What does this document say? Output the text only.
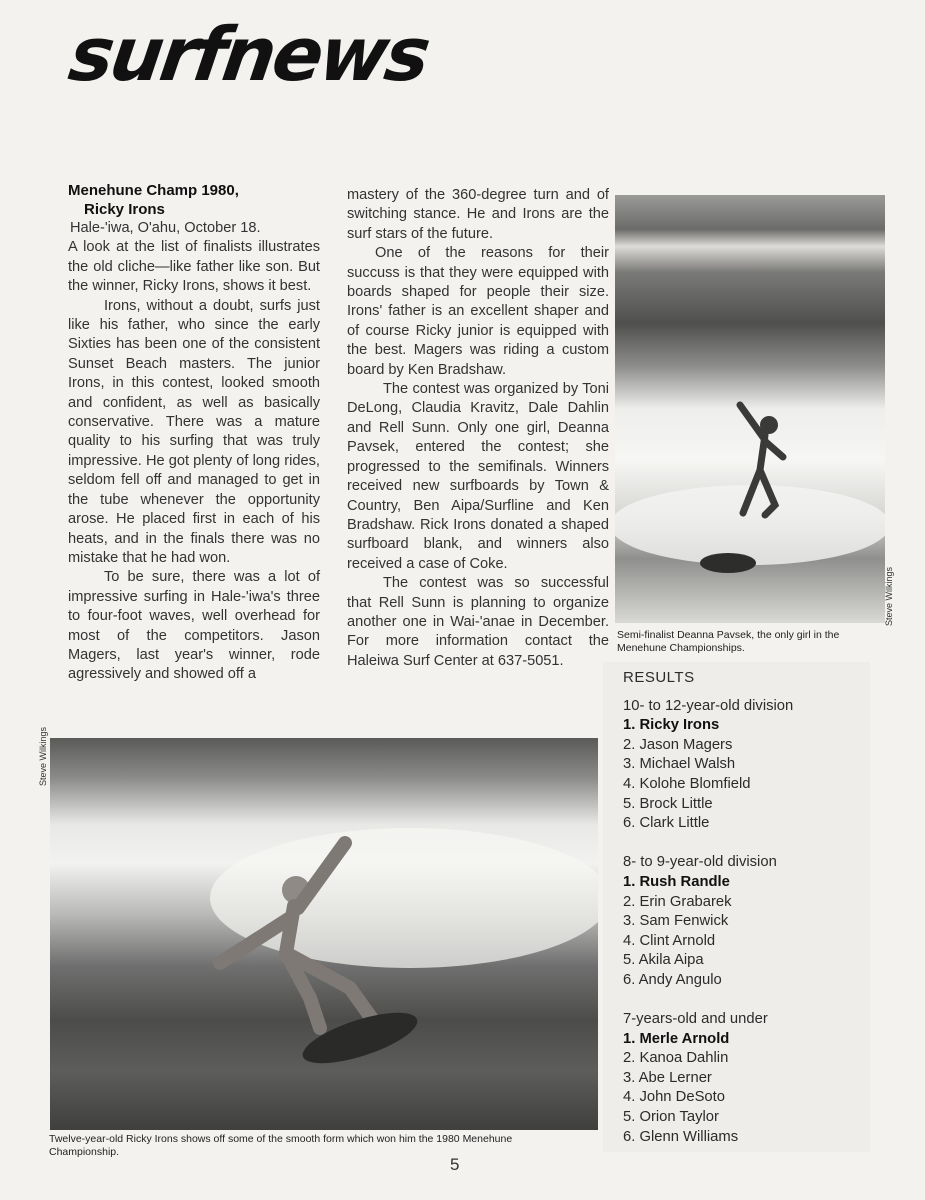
surfnews
Menehune Champ 1980,
Ricky Irons

Hale-'iwa, O'ahu, October 18.

A look at the list of finalists illustrates the old cliche—like father like son. But the winner, Ricky Irons, shows it best.

Irons, without a doubt, surfs just like his father, who since the early Sixties has been one of the consistent Sunset Beach masters. The junior Irons, in this contest, looked smooth and confident, as well as basically conservative. There was a mature quality to his surfing that was truly impressive. He got plenty of long rides, seldom fell off and managed to get in the tube whenever the opportunity arose. He placed first in each of his heats, and in the finals there was no mistake that he had won.

To be sure, there was a lot of impressive surfing in Hale-'iwa's three to four-foot waves, well overhead for most of the competitors. Jason Magers, last year's winner, rode agressively and showed off a

mastery of the 360-degree turn and of switching stance. He and Irons are the surf stars of the future.

One of the reasons for their succuss is that they were equipped with boards shaped for people their size. Irons' father is an excellent shaper and of course Ricky junior is equipped with the best. Magers was riding a custom board by Ken Bradshaw.

The contest was organized by Toni DeLong, Claudia Kravitz, Dale Dahlin and Rell Sunn. Only one girl, Deanna Pavsek, entered the contest; she progressed to the semifinals. Winners received new surfboards by Town & Country, Ben Aipa/Surfline and Ken Bradshaw. Rick Irons donated a shaped surfboard blank, and winners also received a case of Coke.

The contest was so successful that Rell Sunn is planning to organize another one in Wai-'anae in December. For more information contact the Haleiwa Surf Center at 637-5051.

Steve Wilkings
Semi-finalist Deanna Pavsek, the only girl in the Menehune Championships.
Steve Wilkings
Twelve-year-old Ricky Irons shows off some of the smooth form which won him the 1980 Menehune Championship.
RESULTS
10- to 12-year-old division
1. Ricky Irons
2. Jason Magers
3. Michael Walsh
4. Kolohe Blomfield
5. Brock Little
6. Clark Little
8- to 9-year-old division
1. Rush Randle
2. Erin Grabarek
3. Sam Fenwick
4. Clint Arnold
5. Akila Aipa
6. Andy Angulo
7-years-old and under
1. Merle Arnold
2. Kanoa Dahlin
3. Abe Lerner
4. John DeSoto
5. Orion Taylor
6. Glenn Williams
5
